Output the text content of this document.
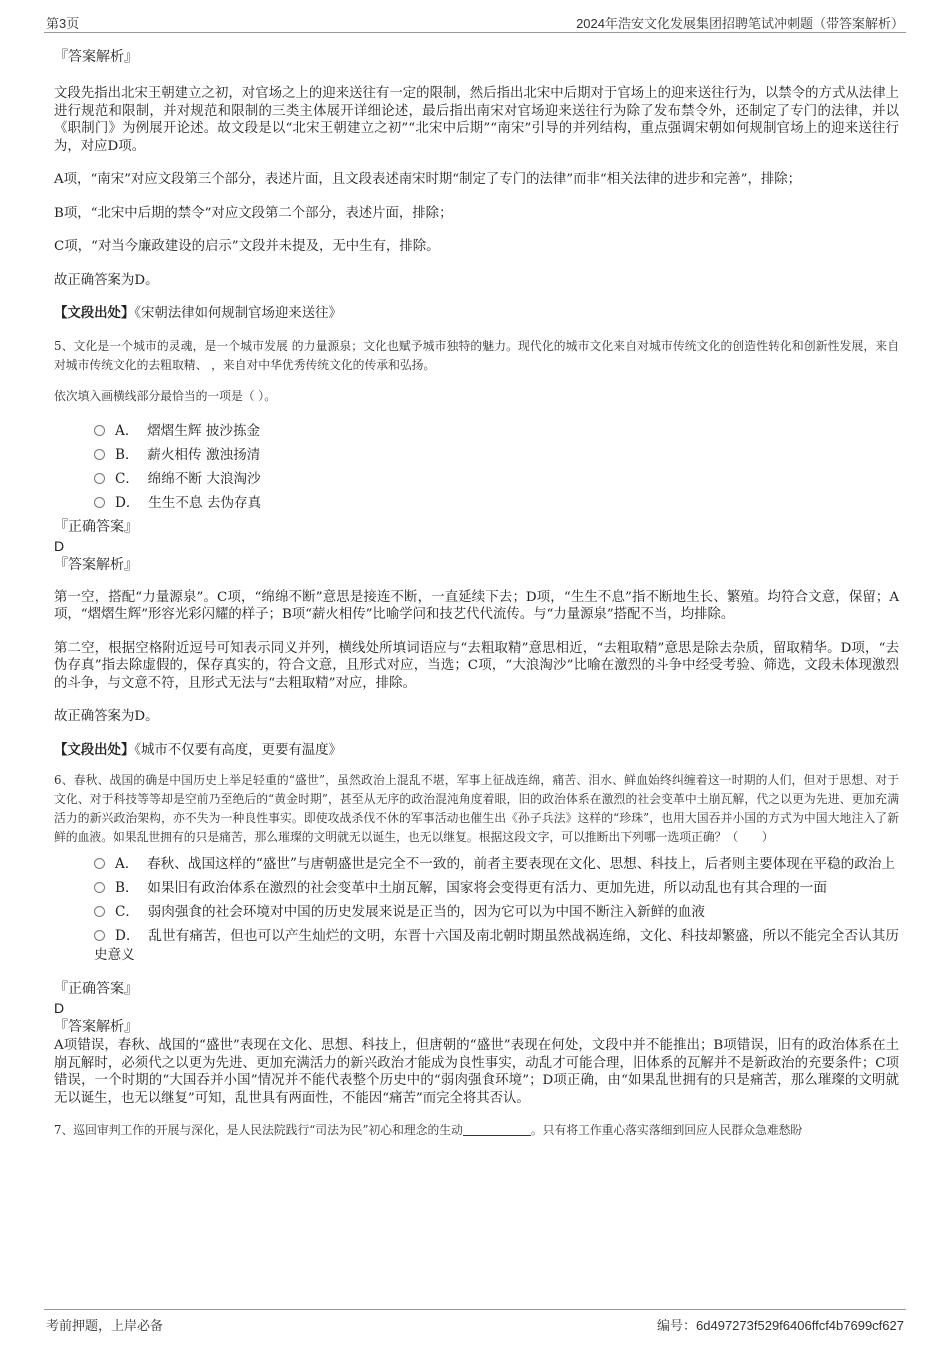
第3页	2024年浩安文化发展集团招聘笔试冲刺题（带答案解析）

『答案解析』

文段先指出北宋王朝建立之初，对官场之上的迎来送往有一定的限制，然后指出北宋中后期对于官场上的迎来送往行为，以禁令的方式从法律上进行规范和限制，并对规范和限制的三类主体展开详细论述，最后指出南宋对官场迎来送往行为除了发布禁令外，还制定了专门的法律，并以《职制门》为例展开论述。故文段是以“北宋王朝建立之初”“北宋中后期”“南宋”引导的并列结构，重点强调宋朝如何规制官场上的迎来送往行为，对应D项。

A项，“南宋”对应文段第三个部分，表述片面，且文段表述南宋时期“制定了专门的法律”而非“相关法律的进步和完善”，排除；

B项，“北宋中后期的禁令”对应文段第二个部分，表述片面，排除；

C项，“对当今廉政建设的启示”文段并未提及，无中生有，排除。

故正确答案为D。

【文段出处】《宋朝法律如何规制官场迎来送往》

5、文化是一个城市的灵魂，是一个城市发展 的力量源泉；文化也赋予城市独特的魅力。现代化的城市文化来自对城市传统文化的创造性转化和创新性发展，来自对城市传统文化的去粗取精、 ，来自对中华优秀传统文化的传承和弘扬。

依次填入画横线部分最恰当的一项是（ ）。

A． 熠熠生辉 披沙拣金

B． 薪火相传 激浊扬清

C． 绵绵不断 大浪淘沙

D． 生生不息 去伪存真

『正确答案』

D

『答案解析』

第一空，搭配“力量源泉”。C项，“绵绵不断”意思是接连不断，一直延续下去；D项，“生生不息”指不断地生长、繁殖。均符合文意，保留；A项，“熠熠生辉”形容光彩闪耀的样子；B项“薪火相传”比喻学问和技艺代代流传。与“力量源泉”搭配不当，均排除。

第二空，根据空格附近逗号可知表示同义并列，横线处所填词语应与“去粗取精”意思相近，“去粗取精”意思是除去杂质，留取精华。D项，“去伪存真”指去除虚假的，保存真实的，符合文意，且形式对应，当选；C项，“大浪淘沙”比喻在激烈的斗争中经受考验、筛选，文段未体现激烈的斗争，与文意不符，且形式无法与“去粗取精”对应，排除。

故正确答案为D。

【文段出处】《城市不仅要有高度，更要有温度》

6、春秋、战国的确是中国历史上举足轻重的“盛世”，虽然政治上混乱不堪，军事上征战连绵，痛苦、泪水、鲜血始终纠缠着这一时期的人们，但对于思想、对于文化、对于科技等等却是空前乃至绝后的“黄金时期”，甚至从无序的政治混沌角度着眼，旧的政治体系在激烈的社会变革中土崩瓦解，代之以更为先进、更加充满活力的新兴政治架构，亦不失为一种良性事实。即使攻战杀伐不休的军事活动也催生出《孙子兵法》这样的“珍珠”，也用大国吞并小国的方式为中国大地注入了新鲜的血液。如果乱世拥有的只是痛苦，那么璀璨的文明就无以诞生，也无以继复。根据这段文字，可以推断出下列哪一选项正确？（　　）

A． 春秋、战国这样的“盛世”与唐朝盛世是完全不一致的，前者主要表现在文化、思想、科技上，后者则主要体现在平稳的政治上

B． 如果旧有政治体系在激烈的社会变革中土崩瓦解，国家将会变得更有活力、更加先进，所以动乱也有其合理的一面

C． 弱肉强食的社会环境对中国的历史发展来说是正当的，因为它可以为中国不断注入新鲜的血液

D． 乱世有痛苦，但也可以产生灿烂的文明，东晋十六国及南北朝时期虽然战祸连绵，文化、科技却繁盛，所以不能完全否认其历史意义

『正确答案』

D

『答案解析』

A项错误，春秋、战国的“盛世”表现在文化、思想、科技上，但唐朝的“盛世”表现在何处，文段中并不能推出；B项错误，旧有的政治体系在土崩瓦解时，必须代之以更为先进、更加充满活力的新兴政治才能成为良性事实，动乱才可能合理，旧体系的瓦解并不是新政治的充要条件；C项错误，一个时期的“大国吞并小国”情况并不能代表整个历史中的“弱肉强食环境”；D项正确，由“如果乱世拥有的只是痛苦，那么璀璨的文明就无以诞生，也无以继复”可知，乱世具有两面性，不能因“痛苦”而完全将其否认。

7、巡回审判工作的开展与深化，是人民法院践行“司法为民”初心和理念的生动	。只有将工作重心落实落细到回应人民群众急难愁盼

考前押题，上岸必备	编号：6d497273f529f6406ffcf4b7699cf627
